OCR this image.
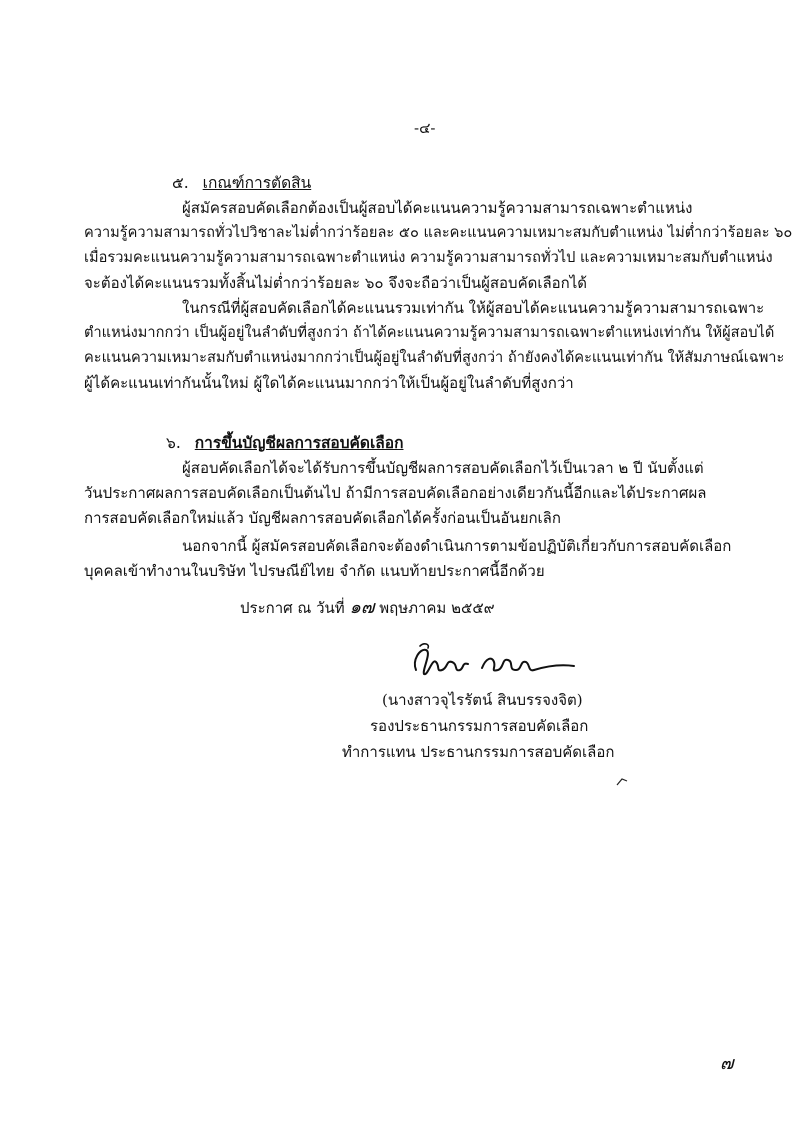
-๔-
๕. เกณฑ์การตัดสิน
ผู้สมัครสอบคัดเลือกต้องเป็นผู้สอบได้คะแนนความรู้ความสามารถเฉพาะตำแหน่ง
ความรู้ความสามารถทั่วไปวิชาละไม่ต่ำกว่าร้อยละ ๕๐ และคะแนนความเหมาะสมกับตำแหน่ง ไม่ต่ำกว่าร้อยละ ๖๐
เมื่อรวมคะแนนความรู้ความสามารถเฉพาะตำแหน่ง ความรู้ความสามารถทั่วไป และความเหมาะสมกับตำแหน่ง
จะต้องได้คะแนนรวมทั้งสิ้นไม่ต่ำกว่าร้อยละ ๖๐ จึงจะถือว่าเป็นผู้สอบคัดเลือกได้
ในกรณีที่ผู้สอบคัดเลือกได้คะแนนรวมเท่ากัน ให้ผู้สอบได้คะแนนความรู้ความสามารถเฉพาะ
ตำแหน่งมากกว่า เป็นผู้อยู่ในลำดับที่สูงกว่า ถ้าได้คะแนนความรู้ความสามารถเฉพาะตำแหน่งเท่ากัน ให้ผู้สอบได้
คะแนนความเหมาะสมกับตำแหน่งมากกว่าเป็นผู้อยู่ในลำดับที่สูงกว่า ถ้ายังคงได้คะแนนเท่ากัน ให้สัมภาษณ์เฉพาะ
ผู้ได้คะแนนเท่ากันนั้นใหม่ ผู้ใดได้คะแนนมากกว่าให้เป็นผู้อยู่ในลำดับที่สูงกว่า
๖. การขึ้นบัญชีผลการสอบคัดเลือก
ผู้สอบคัดเลือกได้จะได้รับการขึ้นบัญชีผลการสอบคัดเลือกไว้เป็นเวลา ๒ ปี นับตั้งแต่
วันประกาศผลการสอบคัดเลือกเป็นต้นไป ถ้ามีการสอบคัดเลือกอย่างเดียวกันนี้อีกและได้ประกาศผล
การสอบคัดเลือกใหม่แล้ว บัญชีผลการสอบคัดเลือกได้ครั้งก่อนเป็นอันยกเลิก
นอกจากนี้ ผู้สมัครสอบคัดเลือกจะต้องดำเนินการตามข้อปฏิบัติเกี่ยวกับการสอบคัดเลือก
บุคคลเข้าทำงานในบริษัท ไปรษณีย์ไทย จำกัด แนบท้ายประกาศนี้อีกด้วย
ประกาศ ณ วันที่ ๑๗ พฤษภาคม ๒๕๕๙
(นางสาวจุไรรัตน์ สินบรรจงจิต)
รองประธานกรรมการสอบคัดเลือก
ทำการแทน ประธานกรรมการสอบคัดเลือก
๗
